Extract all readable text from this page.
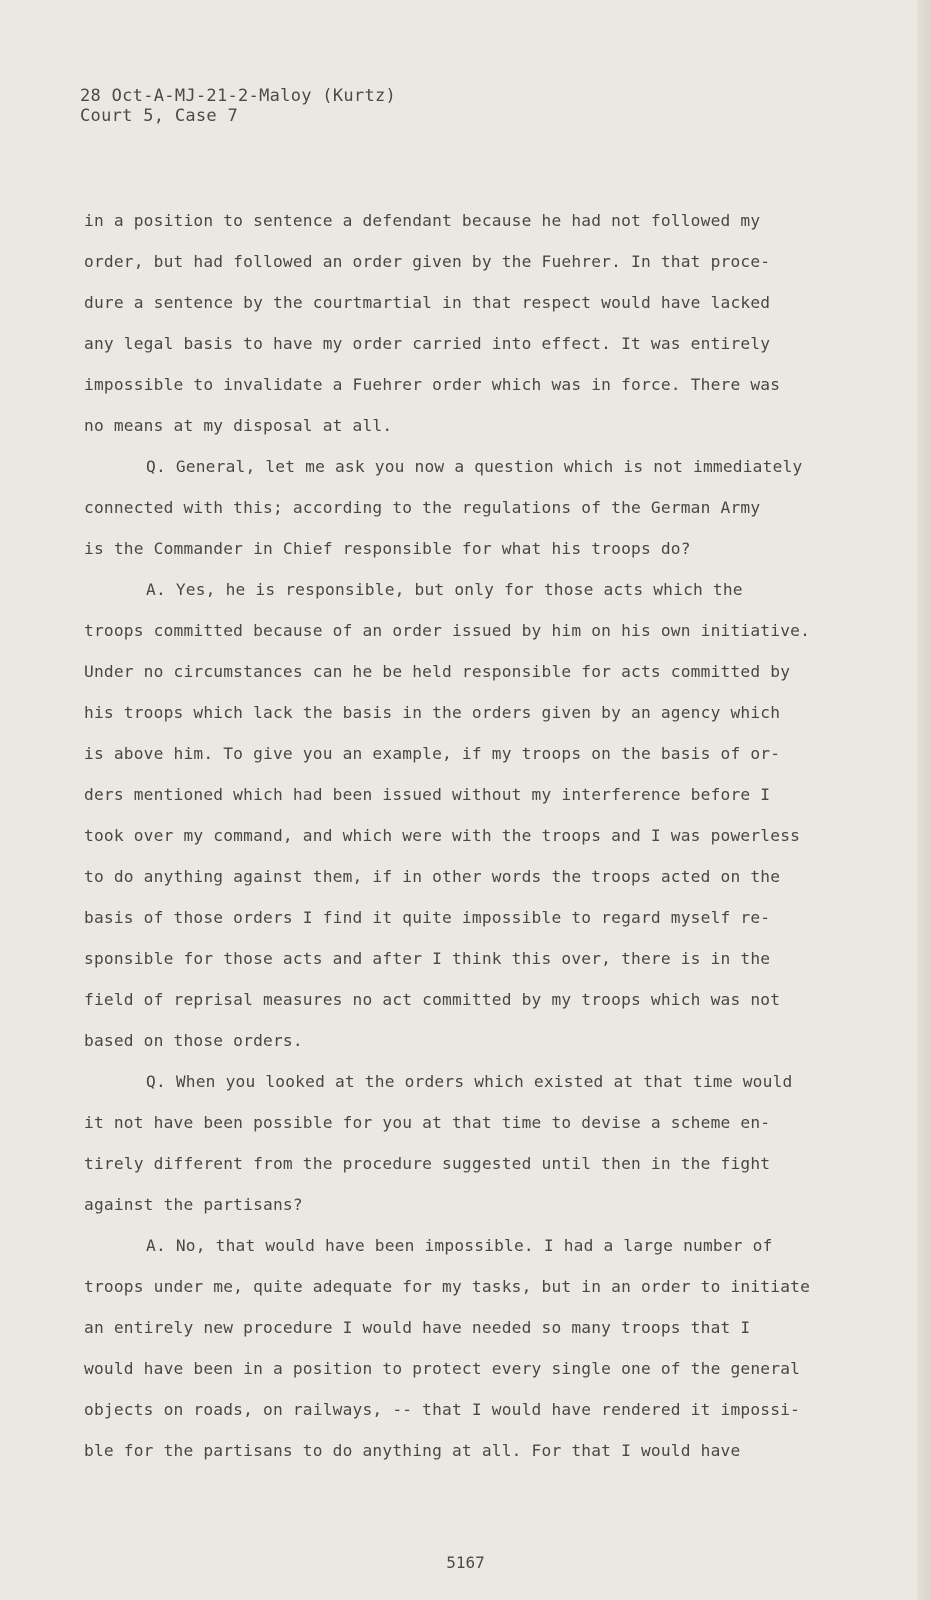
28 Oct-A-MJ-21-2-Maloy (Kurtz)
Court 5, Case 7
in a position to sentence a defendant because he had not followed my
order, but had followed an order given by the Fuehrer. In that proce-
dure a sentence by the courtmartial in that respect would have lacked
any legal basis to have my order carried into effect. It was entirely
impossible to invalidate a Fuehrer order which was in force. There was
no means at my disposal at all.
Q. General, let me ask you now a question which is not immediately
connected with this; according to the regulations of the German Army
is the Commander in Chief responsible for what his troops do?
A. Yes, he is responsible, but only for those acts which the
troops committed because of an order issued by him on his own initiative.
Under no circumstances can he be held responsible for acts committed by
his troops which lack the basis in the orders given by an agency which
is above him. To give you an example, if my troops on the basis of or-
ders mentioned which had been issued without my interference before I
took over my command, and which were with the troops and I was powerless
to do anything against them, if in other words the troops acted on the
basis of those orders I find it quite impossible to regard myself re-
sponsible for those acts and after I think this over, there is in the
field of reprisal measures no act committed by my troops which was not
based on those orders.
Q. When you looked at the orders which existed at that time would
it not have been possible for you at that time to devise a scheme en-
tirely different from the procedure suggested until then in the fight
against the partisans?
A. No, that would have been impossible. I had a large number of
troops under me, quite adequate for my tasks, but in an order to initiate
an entirely new procedure I would have needed so many troops that I
would have been in a position to protect every single one of the general
objects on roads, on railways, -- that I would have rendered it impossi-
ble for the partisans to do anything at all. For that I would have
5167
